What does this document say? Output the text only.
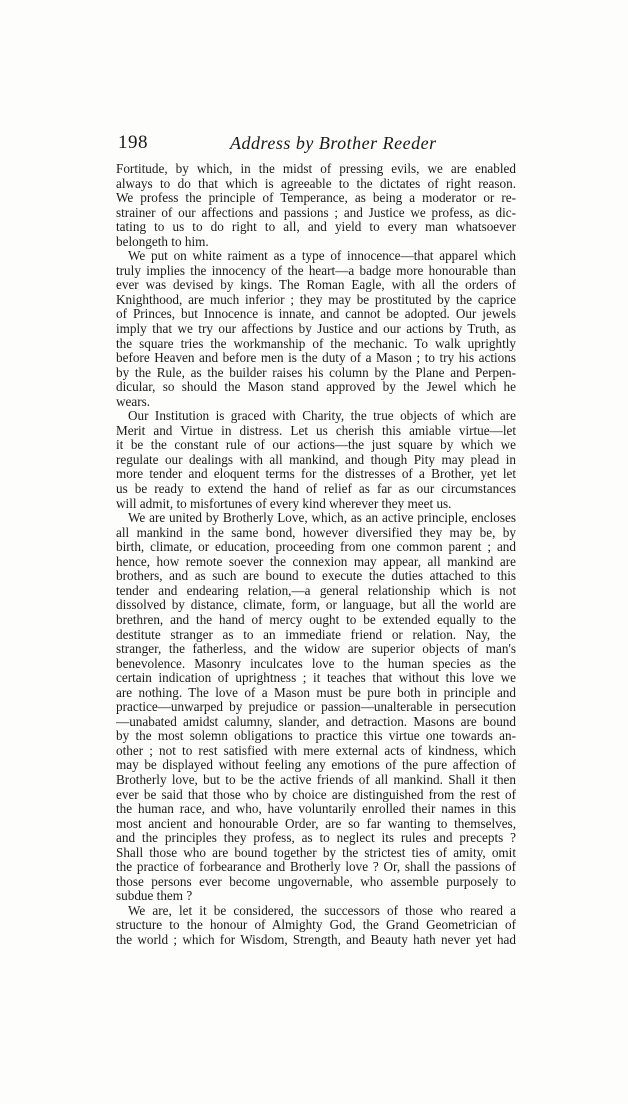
198	Address by Brother Reeder
Fortitude, by which, in the midst of pressing evils, we are enabled
always to do that which is agreeable to the dictates of right reason.
We profess the principle of Temperance, as being a moderator or re-
strainer of our affections and passions ; and Justice we profess, as dic-
tating to us to do right to all, and yield to every man whatsoever
belongeth to him.
We put on white raiment as a type of innocence—that apparel which
truly implies the innocency of the heart—a badge more honourable than
ever was devised by kings. The Roman Eagle, with all the orders of
Knighthood, are much inferior ; they may be prostituted by the caprice
of Princes, but Innocence is innate, and cannot be adopted. Our jewels
imply that we try our affections by Justice and our actions by Truth, as
the square tries the workmanship of the mechanic. To walk uprightly
before Heaven and before men is the duty of a Mason ; to try his actions
by the Rule, as the builder raises his column by the Plane and Perpen-
dicular, so should the Mason stand approved by the Jewel which he
wears.
Our Institution is graced with Charity, the true objects of which are
Merit and Virtue in distress. Let us cherish this amiable virtue—let
it be the constant rule of our actions—the just square by which we
regulate our dealings with all mankind, and though Pity may plead in
more tender and eloquent terms for the distresses of a Brother, yet let
us be ready to extend the hand of relief as far as our circumstances
will admit, to misfortunes of every kind wherever they meet us.
We are united by Brotherly Love, which, as an active principle, encloses
all mankind in the same bond, however diversified they may be, by
birth, climate, or education, proceeding from one common parent ; and
hence, how remote soever the connexion may appear, all mankind are
brothers, and as such are bound to execute the duties attached to this
tender and endearing relation,—a general relationship which is not
dissolved by distance, climate, form, or language, but all the world are
brethren, and the hand of mercy ought to be extended equally to the
destitute stranger as to an immediate friend or relation. Nay, the
stranger, the fatherless, and the widow are superior objects of man's
benevolence. Masonry inculcates love to the human species as the
certain indication of uprightness ; it teaches that without this love we
are nothing. The love of a Mason must be pure both in principle and
practice—unwarped by prejudice or passion—unalterable in persecution
—unabated amidst calumny, slander, and detraction. Masons are bound
by the most solemn obligations to practice this virtue one towards an-
other ; not to rest satisfied with mere external acts of kindness, which
may be displayed without feeling any emotions of the pure affection of
Brotherly love, but to be the active friends of all mankind. Shall it then
ever be said that those who by choice are distinguished from the rest of
the human race, and who, have voluntarily enrolled their names in this
most ancient and honourable Order, are so far wanting to themselves,
and the principles they profess, as to neglect its rules and precepts ?
Shall those who are bound together by the strictest ties of amity, omit
the practice of forbearance and Brotherly love ? Or, shall the passions of
those persons ever become ungovernable, who assemble purposely to
subdue them ?
We are, let it be considered, the successors of those who reared a
structure to the honour of Almighty God, the Grand Geometrician of
the world ; which for Wisdom, Strength, and Beauty hath never yet had
